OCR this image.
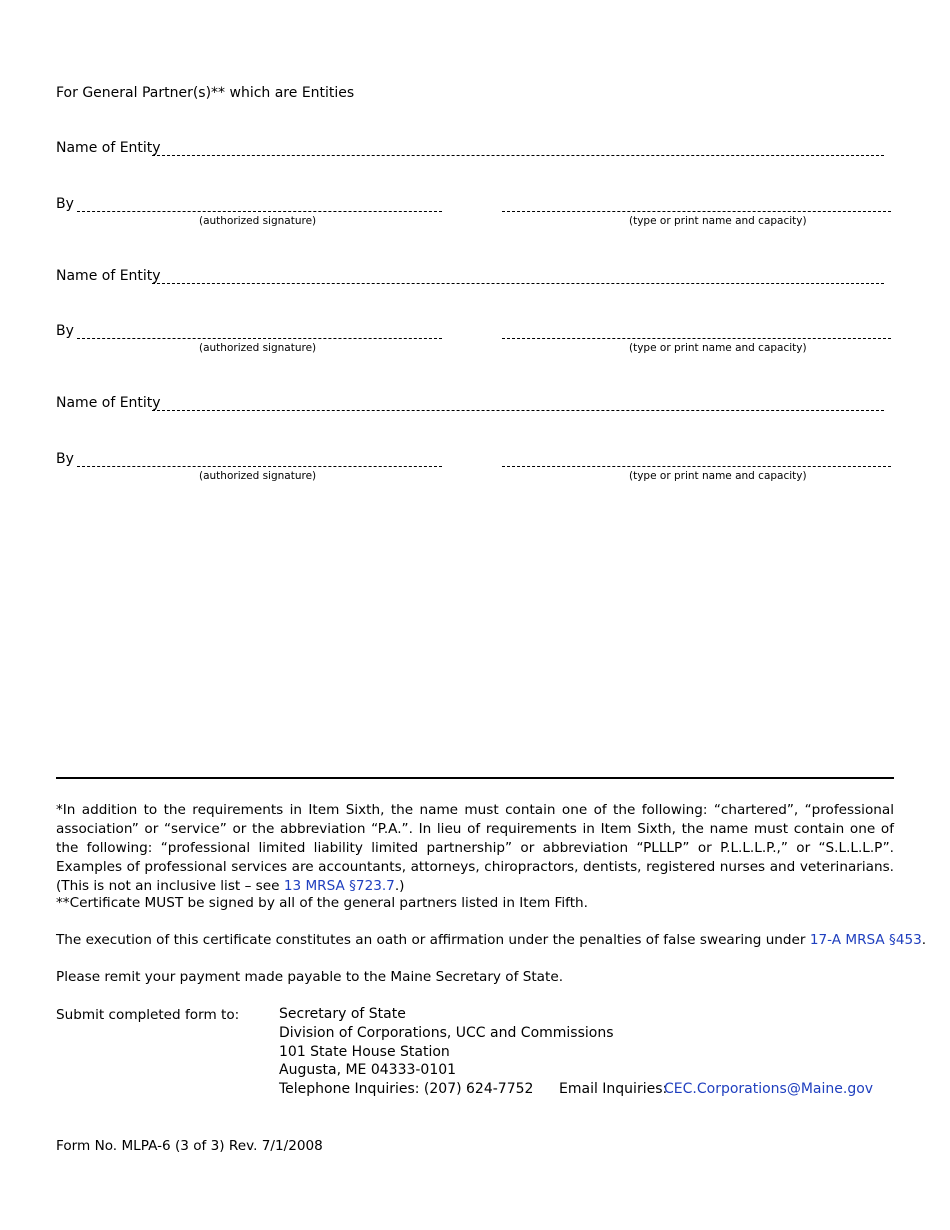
For General Partner(s)** which are Entities
Name of Entity
By
(authorized signature)	(type or print name and capacity)
Name of Entity
By
(authorized signature)	(type or print name and capacity)
Name of Entity
By
(authorized signature)	(type or print name and capacity)
*In addition to the requirements in Item Sixth, the name must contain one of the following: “chartered”, “professional association” or “service” or the abbreviation “P.A.”. In lieu of requirements in Item Sixth, the name must contain one of the following: “professional limited liability limited partnership” or abbreviation “PLLLP” or P.L.L.L.P.,” or “S.L.L.L.P”. Examples of professional services are accountants, attorneys, chiropractors, dentists, registered nurses and veterinarians. (This is not an inclusive list – see 13 MRSA §723.7.)
**Certificate MUST be signed by all of the general partners listed in Item Fifth.
The execution of this certificate constitutes an oath or affirmation under the penalties of false swearing under 17-A MRSA §453.
Please remit your payment made payable to the Maine Secretary of State.
Submit completed form to:	Secretary of State
Division of Corporations, UCC and Commissions
101 State House Station
Augusta, ME 04333-0101
Telephone Inquiries: (207) 624-7752 Email Inquiries:
CEC.Corporations@Maine.gov
Form No. MLPA-6 (3 of 3) Rev. 7/1/2008
